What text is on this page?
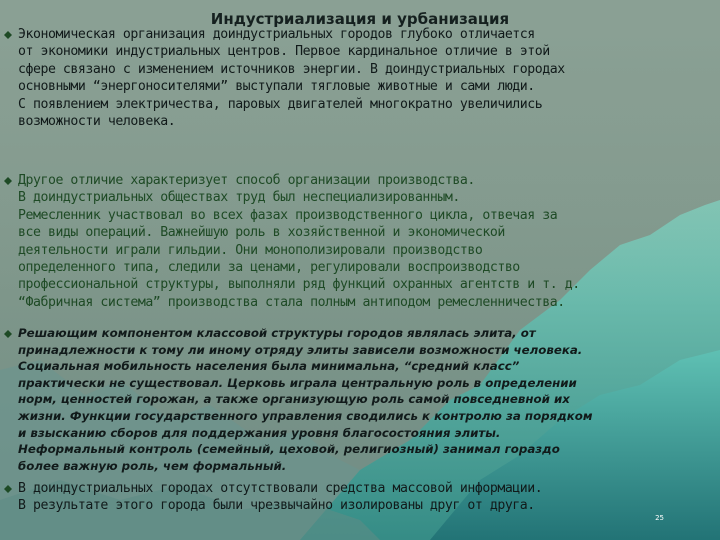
Индустриализация и урбанизация
Экономическая организация доиндустриальных городов глубоко отличается
от экономики индустриальных центров. Первое кардинальное отличие в этой
сфере связано с изменением источников энергии. В доиндустриальных городах
основными “энергоносителями” выступали тягловые животные и сами люди.
С появлением электричества, паровых двигателей многократно увеличились
возможности человека.
Другое отличие характеризует способ организации производства.
В доиндустриальных обществах труд был неспециализированным.
Ремесленник участвовал во всех фазах производственного цикла, отвечая за
все виды операций. Важнейшую роль в хозяйственной и экономической
деятельности играли гильдии. Они монополизировали производство
определенного типа, следили за ценами, регулировали воспроизводство
профессиональной структуры, выполняли ряд функций охранных агентств и т. д.
“Фабричная система” производства стала полным антиподом ремесленничества.
Решающим компонентом классовой структуры городов являлась элита, от
принадлежности к тому ли иному отряду элиты зависели возможности человека.
Социальная мобильность населения была минимальна, “средний класс”
практически не существовал. Церковь играла центральную роль в определении
норм, ценностей горожан, а также организующую роль самой повседневной их
жизни. Функции государственного управления сводились к контролю за порядком
и взысканию сборов для поддержания уровня благосостояния элиты.
Неформальный контроль (семейный, цеховой, религиозный) занимал гораздо
более важную роль, чем формальный.
В доиндустриальных городах отсутствовали средства массовой информации.
В результате этого города были чрезвычайно изолированы друг от друга.
25
